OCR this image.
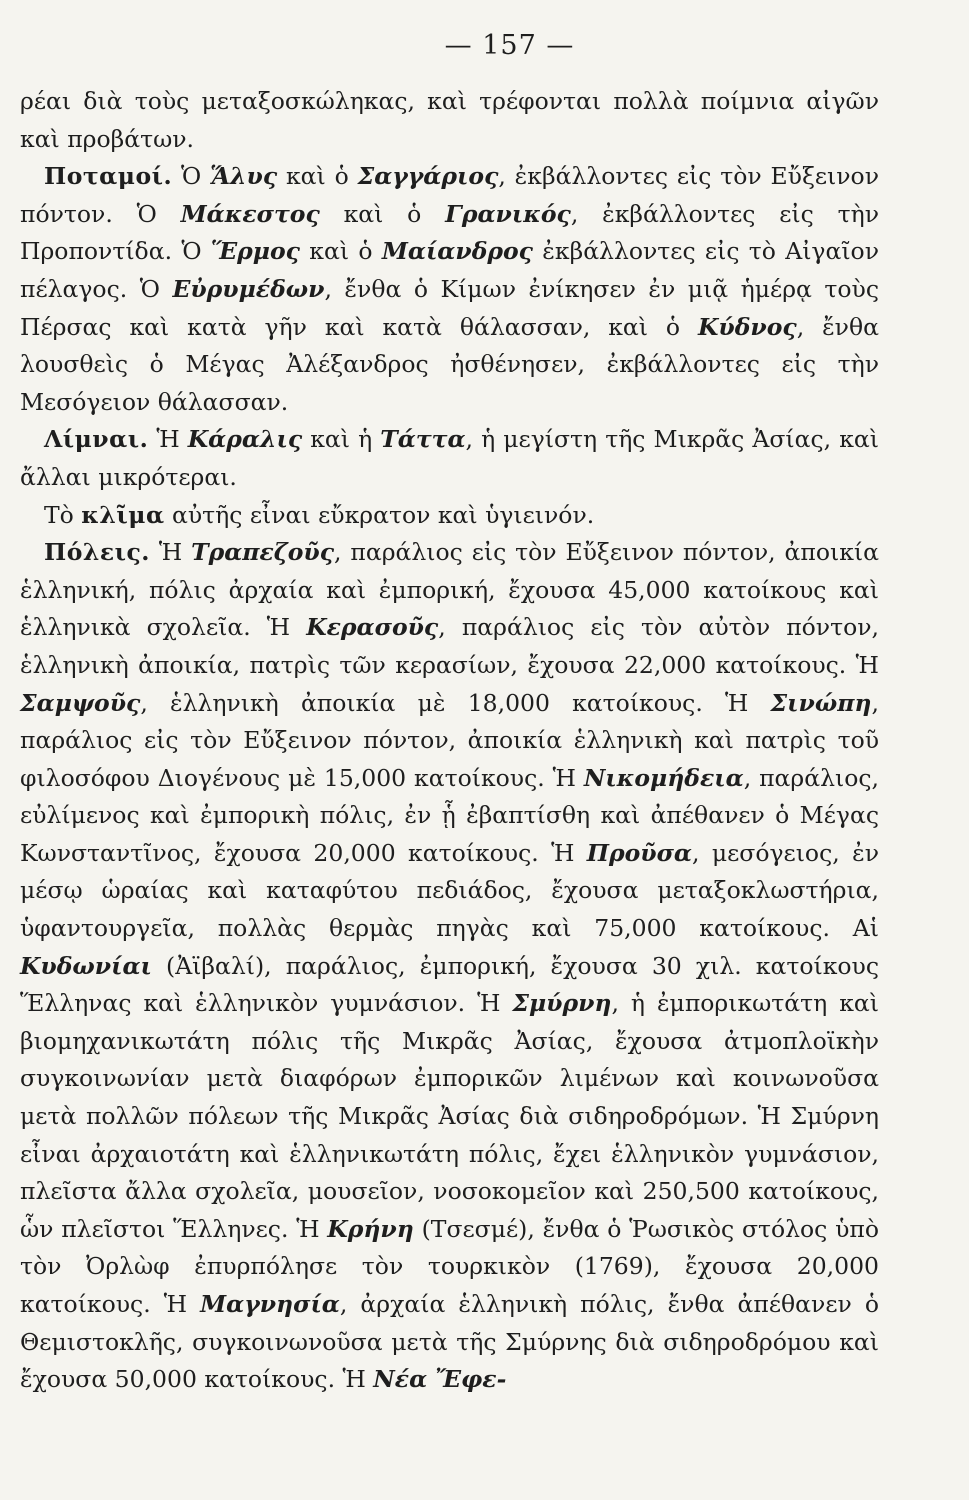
— 157 —

ρέαι διὰ τοὺς μεταξοσκώληκας, καὶ τρέφονται πολλὰ ποίμνια αἰγῶν καὶ προβάτων.

Ποταμοί. Ὁ Ἅλυς καὶ ὁ Σαγγάριος, ἐκβάλλοντες εἰς τὸν Εὔξεινον πόντον. Ὁ Μάκεστος καὶ ὁ Γρανικός, ἐκβάλλοντες εἰς τὴν Προποντίδα. Ὁ Ἕρμος καὶ ὁ Μαίανδρος ἐκβάλλοντες εἰς τὸ Αἰγαῖον πέλαγος. Ὁ Εὐρυμέδων, ἔνθα ὁ Κίμων ἐνίκησεν ἐν μιᾷ ἡμέρᾳ τοὺς Πέρσας καὶ κατὰ γῆν καὶ κατὰ θάλασσαν, καὶ ὁ Κύδνος, ἔνθα λουσθεὶς ὁ Μέγας Ἀλέξανδρος ἠσθένησεν, ἐκβάλλοντες εἰς τὴν Μεσόγειον θάλασσαν.

Λίμναι. Ἡ Κάραλις καὶ ἡ Τάττα, ἡ μεγίστη τῆς Μικρᾶς Ἀσίας, καὶ ἄλλαι μικρότεραι.

Τὸ κλῖμα αὐτῆς εἶναι εὔκρατον καὶ ὑγιεινόν.

Πόλεις. Ἡ Τραπεζοῦς, παράλιος εἰς τὸν Εὔξεινον πόντον, ἀποικία ἑλληνική, πόλις ἀρχαία καὶ ἐμπορική, ἔχουσα 45,000 κατοίκους καὶ ἑλληνικὰ σχολεῖα. Ἡ Κερασοῦς, παράλιος εἰς τὸν αὐτὸν πόντον, ἑλληνικὴ ἀποικία, πατρὶς τῶν κερασίων, ἔχουσα 22,000 κατοίκους. Ἡ Σαμψοῦς, ἑλληνικὴ ἀποικία μὲ 18,000 κατοίκους. Ἡ Σινώπη, παράλιος εἰς τὸν Εὔξεινον πόντον, ἀποικία ἑλληνικὴ καὶ πατρὶς τοῦ φιλοσόφου Διογένους μὲ 15,000 κατοίκους. Ἡ Νικομήδεια, παράλιος, εὐλίμενος καὶ ἐμπορικὴ πόλις, ἐν ᾗ ἐβαπτίσθη καὶ ἀπέθανεν ὁ Μέγας Κωνσταντῖνος, ἔχουσα 20,000 κατοίκους. Ἡ Προῦσα, μεσόγειος, ἐν μέσῳ ὡραίας καὶ καταφύτου πεδιάδος, ἔχουσα μεταξοκλωστήρια, ὑφαντουργεῖα, πολλὰς θερμὰς πηγὰς καὶ 75,000 κατοίκους. Αἱ Κυδωνίαι (Ἀϊβαλί), παράλιος, ἐμπορική, ἔχουσα 30 χιλ. κατοίκους Ἕλληνας καὶ ἑλληνικὸν γυμνάσιον. Ἡ Σμύρνη, ἡ ἐμπορικωτάτη καὶ βιομηχανικωτάτη πόλις τῆς Μικρᾶς Ἀσίας, ἔχουσα ἀτμοπλοϊκὴν συγκοινωνίαν μετὰ διαφόρων ἐμπορικῶν λιμένων καὶ κοινωνοῦσα μετὰ πολλῶν πόλεων τῆς Μικρᾶς Ἀσίας διὰ σιδηροδρόμων. Ἡ Σμύρνη εἶναι ἀρχαιοτάτη καὶ ἑλληνικωτάτη πόλις, ἔχει ἑλληνικὸν γυμνάσιον, πλεῖστα ἄλλα σχολεῖα, μουσεῖον, νοσοκομεῖον καὶ 250,500 κατοίκους, ὧν πλεῖστοι Ἕλληνες. Ἡ Κρήνη (Τσεσμέ), ἔνθα ὁ Ῥωσικὸς στόλος ὑπὸ τὸν Ὀρλὼφ ἐπυρπόλησε τὸν τουρκικὸν (1769), ἔχουσα 20,000 κατοίκους. Ἡ Μαγνησία, ἀρχαία ἑλληνικὴ πόλις, ἔνθα ἀπέθανεν ὁ Θεμιστοκλῆς, συγκοινωνοῦσα μετὰ τῆς Σμύρνης διὰ σιδηροδρόμου καὶ ἔχουσα 50,000 κατοίκους. Ἡ Νέα Ἔφε-
